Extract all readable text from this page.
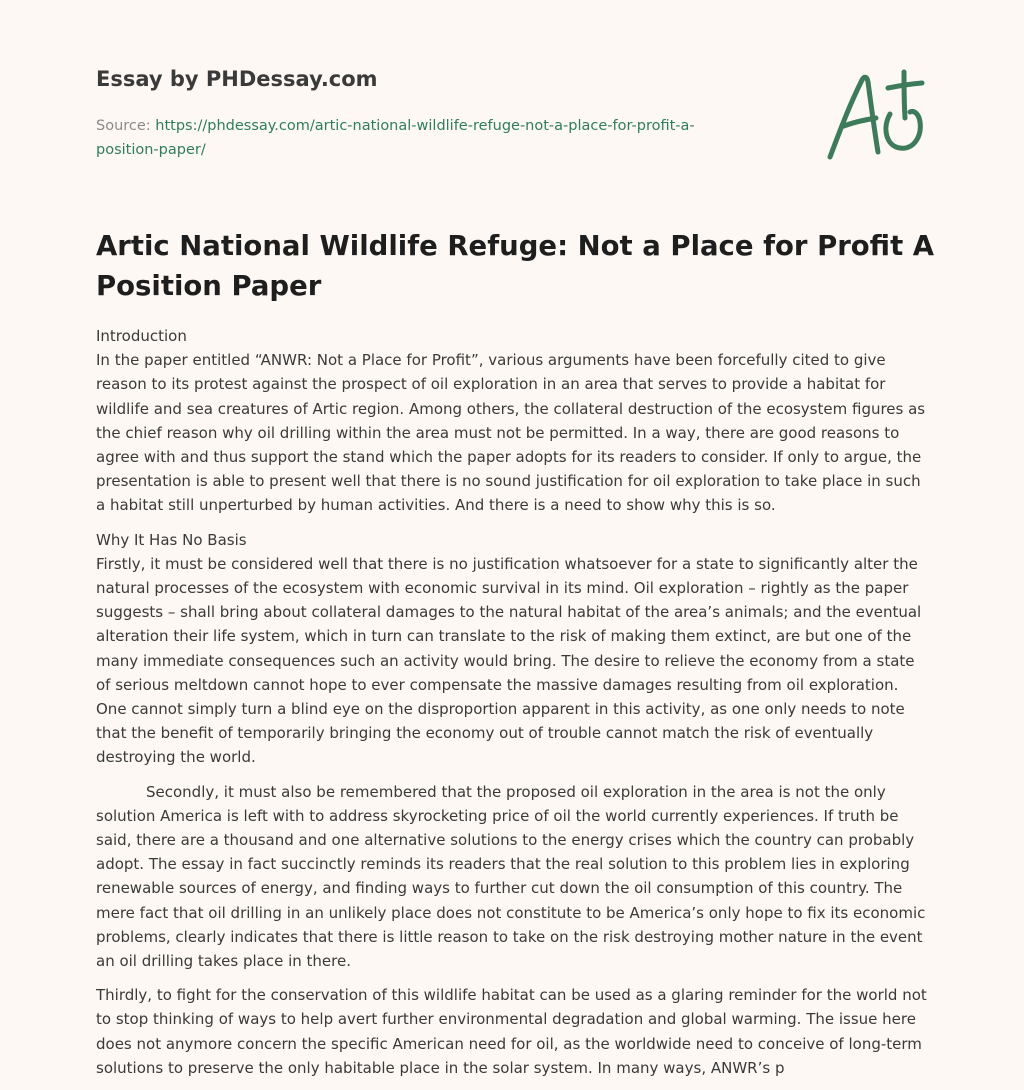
Essay by PHDessay.com
Source: https://phdessay.com/artic-national-wildlife-refuge-not-a-place-for-profit-a-position-paper/
Artic National Wildlife Refuge: Not a Place for Profit A Position Paper

Introduction
In the paper entitled “ANWR: Not a Place for Profit”, various arguments have been forcefully cited to give reason to its protest against the prospect of oil exploration in an area that serves to provide a habitat for wildlife and sea creatures of Artic region. Among others, the collateral destruction of the ecosystem figures as the chief reason why oil drilling within the area must not be permitted. In a way, there are good reasons to agree with and thus support the stand which the paper adopts for its readers to consider. If only to argue, the presentation is able to present well that there is no sound justification for oil exploration to take place in such a habitat still unperturbed by human activities. And there is a need to show why this is so.

Why It Has No Basis
Firstly, it must be considered well that there is no justification whatsoever for a state to significantly alter the natural processes of the ecosystem with economic survival in its mind. Oil exploration – rightly as the paper suggests – shall bring about collateral damages to the natural habitat of the area’s animals; and the eventual alteration their life system, which in turn can translate to the risk of making them extinct, are but one of the many immediate consequences such an activity would bring. The desire to relieve the economy from a state of serious meltdown cannot hope to ever compensate the massive damages resulting from oil exploration. One cannot simply turn a blind eye on the disproportion apparent in this activity, as one only needs to note that the benefit of temporarily bringing the economy out of trouble cannot match the risk of eventually destroying the world.

Secondly, it must also be remembered that the proposed oil exploration in the area is not the only solution America is left with to address skyrocketing price of oil the world currently experiences. If truth be said, there are a thousand and one alternative solutions to the energy crises which the country can probably adopt. The essay in fact succinctly reminds its readers that the real solution to this problem lies in exploring renewable sources of energy, and finding ways to further cut down the oil consumption of this country. The mere fact that oil drilling in an unlikely place does not constitute to be America’s only hope to fix its economic problems, clearly indicates that there is little reason to take on the risk destroying mother nature in the event an oil drilling takes place in there.

Thirdly, to fight for the conservation of this wildlife habitat can be used as a glaring reminder for the world not to stop thinking of ways to help avert further environmental degradation and global warming. The issue here does not anymore concern the specific American need for oil, as the worldwide need to conceive of long-term solutions to preserve the only habitable place in the solar system. In many ways, ANWR’s p
